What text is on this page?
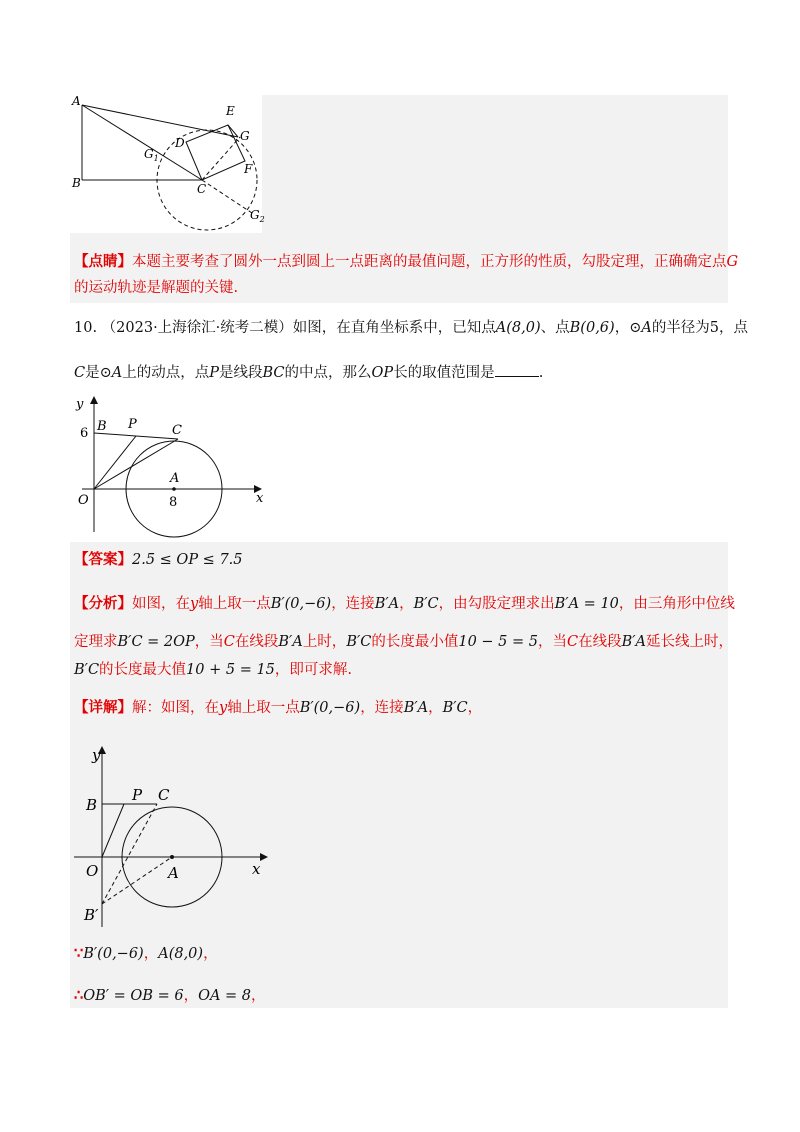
A
B	C
D
E
F
G
$G_1$
$G_2$
【点睛】本题主要考查了圆外一点到圆上一点距离的最值问题，正方形的性质，勾股定理，正确确定点G
的运动轨迹是解题的关键.
10. （2023·上海徐汇·统考二模）如图，在直角坐标系中，已知点A(8,0)、点B(0,6)，⊙A的半径为5，点
C是⊙A上的动点，点P是线段BC的中点，那么OP长的取值范围是	.
y
6 B P	C
A
8
O	x
【答案】2.5 ≤ OP ≤ 7.5
【分析】如图，在y轴上取一点B′(0,−6)，连接B′A，B′C，由勾股定理求出B′A = 10，由三角形中位线
定理求B′C = 2OP，当C在线段B′A上时，B′C的长度最小值10 − 5 = 5，当C在线段B′A延长线上时，
B′C的长度最大值10 + 5 = 15，即可求解.
【详解】解：如图，在y轴上取一点B′(0,−6)，连接B′A，B′C，
y
B
P C
O	A	x
B′
∵B′(0,−6)，A(8,0)，
∴OB′ = OB = 6，OA = 8，
